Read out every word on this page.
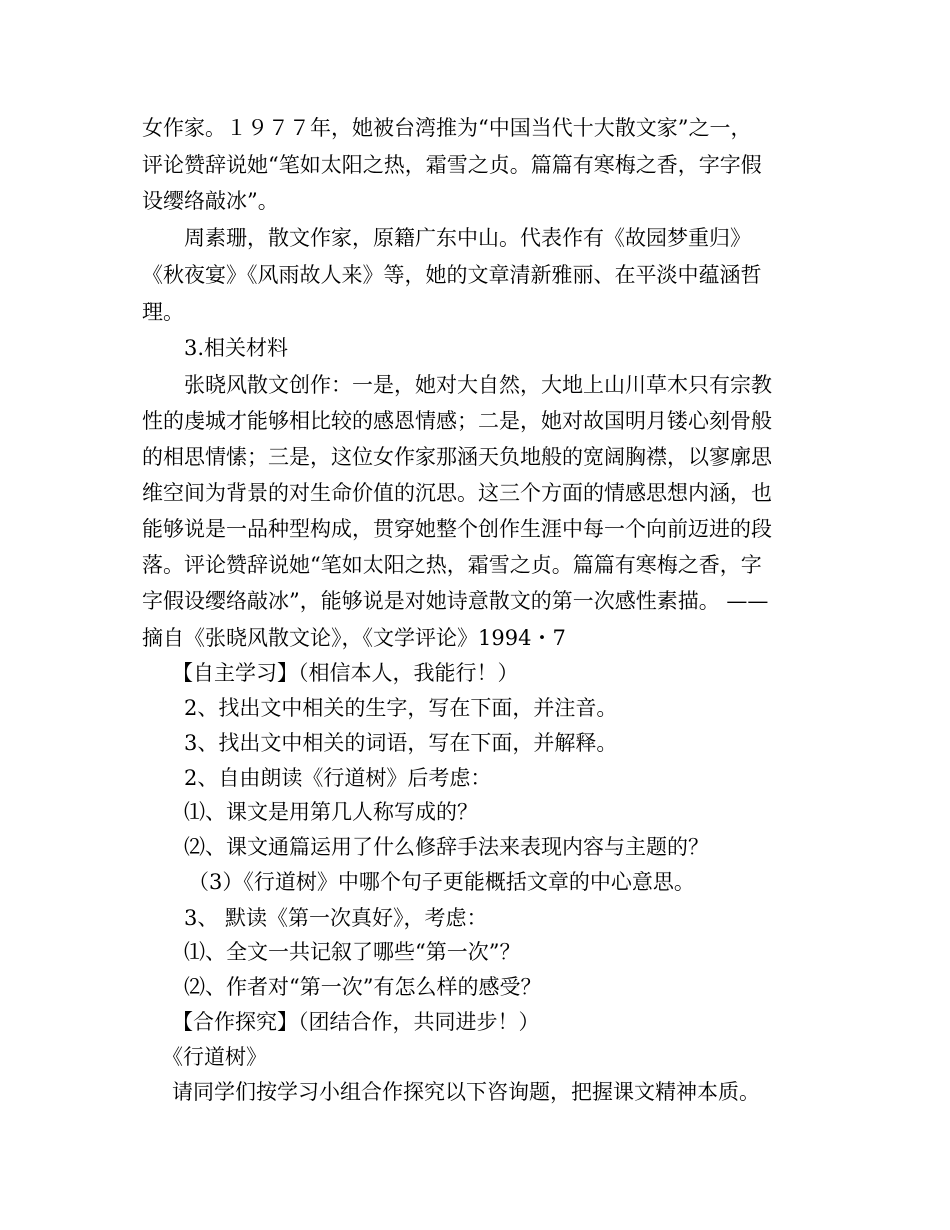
女作家。１９７７年，她被台湾推为“中国当代十大散文家”之一，
评论赞辞说她“笔如太阳之热，霜雪之贞。篇篇有寒梅之香，字字假
设缨络敲冰”。
周素珊，散文作家，原籍广东中山。代表作有《故园梦重归》
《秋夜宴》《风雨故人来》等，她的文章清新雅丽、在平淡中蕴涵哲
理。
3.相关材料
张晓风散文创作：一是，她对大自然，大地上山川草木只有宗教
性的虔城才能够相比较的感恩情感；二是，她对故国明月镂心刻骨般
的相思情愫；三是，这位女作家那涵天负地般的宽阔胸襟，以寥廓思
维空间为背景的对生命价值的沉思。这三个方面的情感思想内涵，也
能够说是一品种型构成，贯穿她整个创作生涯中每一个向前迈进的段
落。评论赞辞说她“笔如太阳之热，霜雪之贞。篇篇有寒梅之香，字
字假设缨络敲冰”，能够说是对她诗意散文的第一次感性素描。 ——
摘自《张晓风散文论》，《文学评论》1994・7
【自主学习】（相信本人，我能行！）
2、找出文中相关的生字，写在下面，并注音。
3、找出文中相关的词语，写在下面，并解释。
2、自由朗读《行道树》后考虑：
⑴、课文是用第几人称写成的？
⑵、课文通篇运用了什么修辞手法来表现内容与主题的？
（3）《行道树》中哪个句子更能概括文章的中心意思。
3、 默读《第一次真好》，考虑：
⑴、全文一共记叙了哪些“第一次”？
⑵、作者对“第一次”有怎么样的感受？
【合作探究】（团结合作，共同进步！）
《行道树》
请同学们按学习小组合作探究以下咨询题，把握课文精神本质。
